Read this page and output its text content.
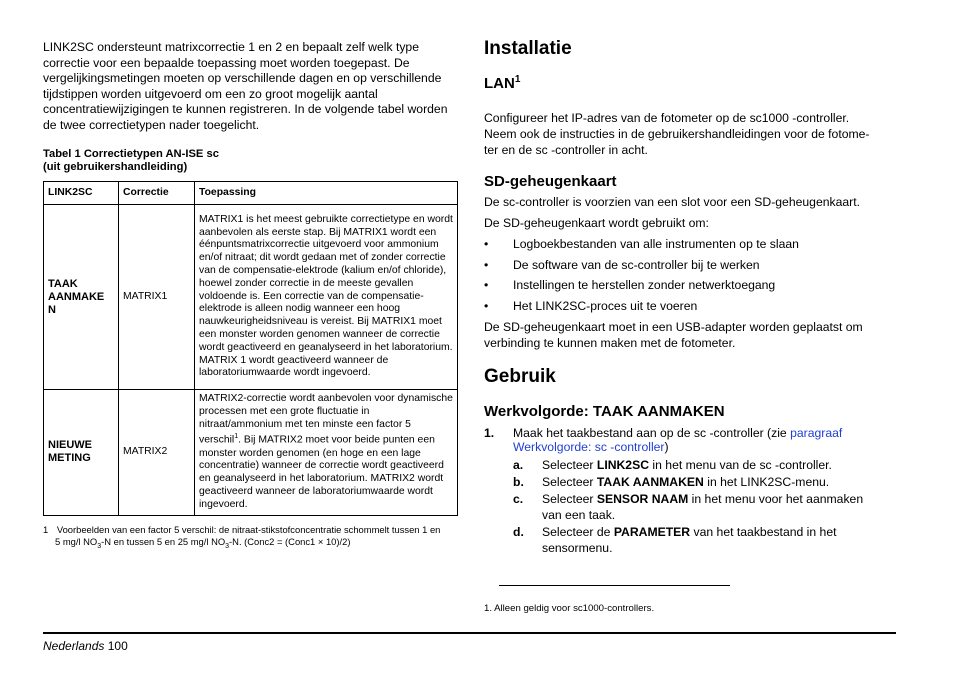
LINK2SC ondersteunt matrixcorrectie 1 en 2 en bepaalt zelf welk type correctie voor een bepaalde toepassing moet worden toegepast. De vergelijkingsmetingen moeten op verschillende dagen en op verschillende tijdstippen worden uitgevoerd om een zo groot mogelijk aantal concentratiewijzigingen te kunnen registreren. In de volgende tabel worden de twee correctietypen nader toegelicht.
Tabel 1 Correctietypen AN-ISE sc
(uit gebruikershandleiding)
LINK2SC	Correctie	Toepassing
TAAK AANMAKE N	MATRIX1	MATRIX1 is het meest gebruikte correctietype en wordt aanbevolen als eerste stap. Bij MATRIX1 wordt een éénpuntsmatrixcorrectie uitgevoerd voor ammonium en/of nitraat; dit wordt gedaan met of zonder correctie van de compensatie-elektrode (kalium en/of chloride), hoewel zonder correctie in de meeste gevallen voldoende is. Een correctie van de compensatie-elektrode is alleen nodig wanneer een hoog nauwkeurigheidsniveau is vereist. Bij MATRIX1 moet een monster worden genomen wanneer de correctie wordt geactiveerd en geanalyseerd in het laboratorium. MATRIX 1 wordt geactiveerd wanneer de laboratoriumwaarde wordt ingevoerd.
NIEUWE METING	MATRIX2	MATRIX2-correctie wordt aanbevolen voor dynamische processen met een grote fluctuatie in nitraat/ammonium met ten minste een factor 5 verschil$^1$. Bij MATRIX2 moet voor beide punten een monster worden genomen (en hoge en een lage concentratie) wanneer de correctie wordt geactiveerd en geanalyseerd in het laboratorium. MATRIX2 wordt geactiveerd wanneer de laboratoriumwaarde wordt ingevoerd.
1 Voorbeelden van een factor 5 verschil: de nitraat-stikstofconcentratie schommelt tussen 1 en
5 mg/l $NO_3-N$ en tussen 5 en 25 mg/l $NO_3-N$. (Conc2 = (Conc1 × 10)/2)
Installatie
LAN$^1$
Configureer het IP-adres van de fotometer op de sc1000 -controller.
Neem ook de instructies in de gebruikershandleidingen voor de fotome-
ter en de sc -controller in acht.
SD-geheugenkaart
De sc-controller is voorzien van een slot voor een SD-geheugenkaart.
De SD-geheugenkaart wordt gebruikt om:
• Logboekbestanden van alle instrumenten op te slaan
• De software van de sc-controller bij te werken
• Instellingen te herstellen zonder netwerktoegang
• Het LINK2SC-proces uit te voeren
De SD-geheugenkaart moet in een USB-adapter worden geplaatst om verbinding te kunnen maken met de fotometer.
Gebruik
Werkvolgorde: TAAK AANMAKEN
1. Maak het taakbestand aan op de sc -controller (zie paragraaf
Werkvolgorde: sc -controller)
a. Selecteer LINK2SC in het menu van de sc -controller.
b. Selecteer TAAK AANMAKEN in het LINK2SC-menu.
c. Selecteer SENSOR NAAM in het menu voor het aanmaken
van een taak.
d. Selecteer de PARAMETER van het taakbestand in het
sensormenu.
1. Alleen geldig voor sc1000-controllers.
Nederlands 100
